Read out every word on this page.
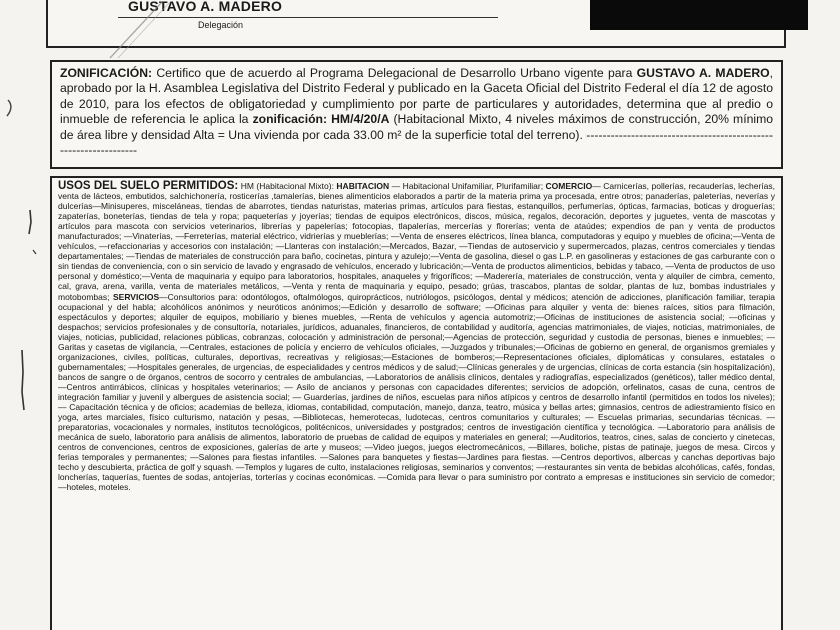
GUSTAVO A. MADERO
Delegación
ZONIFICACIÓN: Certifico que de acuerdo al Programa Delegacional de Desarrollo Urbano vigente para GUSTAVO A. MADERO, aprobado por la H. Asamblea Legislativa del Distrito Federal y publicado en la Gaceta Oficial del Distrito Federal el día 12 de agosto de 2010, para los efectos de obligatoriedad y cumplimiento por parte de particulares y autoridades, determina que al predio o inmueble de referencia le aplica la zonificación: HM/4/20/A (Habitacional Mixto, 4 niveles máximos de construcción, 20% mínimo de área libre y densidad Alta = Una vivienda por cada 33.00 m² de la superficie total del terreno). -----------------------------------------------------------------
USOS DEL SUELO PERMITIDOS: HM (Habitacional Mixto): HABITACION — Habitacional Unifamiliar, Plurifamiliar; COMERCIO— Carnicerías, pollerías, recauderías, lecherías, venta de lácteos, embutidos, salchichonería, rosticerías ,tamalerías, bienes alimenticios elaborados a partir de la materia prima ya procesada, entre otros; panaderías, paleterías, neverías y dulcerías—Minisuperes, misceláneas, tiendas de abarrotes, tiendas naturistas, materias primas, artículos para fiestas, estanquillos, perfumerías, ópticas, farmacias, boticas y droguerías; zapaterías, boneterías, tiendas de tela y ropa; paqueterías y joyerías; tiendas de equipos electrónicos, discos, música, regalos, decoración, deportes y juguetes, venta de mascotas y artículos para mascota con servicios veterinarios, librerías y papelerías; fotocopias, tlapalerías, mercerías y florerías; venta de ataúdes; expendios de pan y venta de productos manufacturados; —Vinaterías, —Ferreterías, material eléctrico, vidrierías y mueblerías; —Venta de enseres eléctricos, línea blanca, computadoras y equipo y muebles de oficina;—Venta de vehículos, —refaccionarias y accesorios con instalación; —Llanteras con instalación;—Mercados, Bazar, —Tiendas de autoservicio y supermercados, plazas, centros comerciales y tiendas departamentales; —Tiendas de materiales de construcción para baño, cocinetas, pintura y azulejo;—Venta de gasolina, diesel o gas L.P. en gasolineras y estaciones de gas carburante con o sin tiendas de conveniencia, con o sin servicio de lavado y engrasado de vehículos, encerado y lubricación;—Venta de productos alimenticios, bebidas y tabaco, —Venta de productos de uso personal y doméstico;—Venta de maquinaria y equipo para laboratorios, hospitales, anaqueles y frigoríficos; —Maderería, materiales de construcción, venta y alquiler de cimbra, cemento, cal, grava, arena, varilla, venta de materiales metálicos, —Venta y renta de maquinaria y equipo, pesado; grúas, trascabos, plantas de soldar, plantas de luz, bombas industriales y motobombas; SERVICIOS—Consultorios para: odontólogos, oftalmólogos, quiroprácticos, nutriólogos, psicólogos, dental y médicos; atención de adicciones, planificación familiar, terapia ocupacional y del habla; alcohólicos anónimos y neuróticos anónimos;—Edición y desarrollo de software; —Oficinas para alquiler y venta de: bienes raíces, sitios para filmación, espectáculos y deportes; alquiler de equipos, mobiliario y bienes muebles, —Renta de vehículos y agencia automotriz;—Oficinas de instituciones de asistencia social; —oficinas y despachos; servicios profesionales y de consultoría, notariales, jurídicos, aduanales, financieros, de contabilidad y auditoría, agencias matrimoniales, de viajes, noticias, matrimoniales, de viajes, noticias, publicidad, relaciones públicas, cobranzas, colocación y administración de personal;—Agencias de protección, seguridad y custodia de personas, bienes e inmuebles; —Garitas y casetas de vigilancia, —Centrales, estaciones de policía y encierro de vehículos oficiales, —Juzgados y tribunales;—Oficinas de gobierno en general, de organismos gremiales y organizaciones, civiles, políticas, culturales, deportivas, recreativas y religiosas;—Estaciones de bomberos;—Representaciones oficiales, diplomáticas y consulares, estatales o gubernamentales; —Hospitales generales, de urgencias, de especialidades y centros médicos y de salud;—Clínicas generales y de urgencias, clínicas de corta estancia (sin hospitalización), bancos de sangre o de órganos, centros de socorro y centrales de ambulancias, —Laboratorios de análisis clínicos, dentales y radiografías, especializados (genéticos), taller médico dental, —Centros antirrábicos, clínicas y hospitales veterinarios; — Asilo de ancianos y personas con capacidades diferentes; servicios de adopción, orfelinatos, casas de cuna, centros de integración familiar y juvenil y albergues de asistencia social; — Guarderías, jardines de niños, escuelas para niños atípicos y centros de desarrollo infantil (permitidos en todos los niveles); — Capacitación técnica y de oficios; academias de belleza, idiomas, contabilidad, computación, manejo, danza, teatro, música y bellas artes; gimnasios, centros de adiestramiento físico en yoga, artes marciales, físico culturismo, natación y pesas, —Bibliotecas, hemerotecas, ludotecas, centros comunitarios y culturales; — Escuelas primarias, secundarias técnicas. —preparatorias, vocacionales y normales, institutos tecnológicos, politécnicos, universidades y postgrados; centros de investigación científica y tecnológica. —Laboratorio para análisis de mecánica de suelo, laboratorio para análisis de alimentos, laboratorio de pruebas de calidad de equipos y materiales en general; —Auditorios, teatros, cines, salas de concierto y cinetecas, centros de convenciones, centros de exposiciones, galerías de arte y museos; —Video juegos, juegos electromecánicos, —Billares, boliche, pistas de patinaje, juegos de mesa. Circos y ferias temporales y permanentes; —Salones para fiestas infantiles. —Salones para banquetes y fiestas—Jardines para fiestas. —Centros deportivos, albercas y canchas deportivas bajo techo y descubierta, práctica de golf y squash. —Templos y lugares de culto, instalaciones religiosas, seminarios y conventos; —restaurantes sin venta de bebidas alcohólicas, cafés, fondas, loncherías, taquerías, fuentes de sodas, antojerías, torterías y cocinas económicas. —Comida para llevar o para suministro por contrato a empresas e instituciones sin servicio de comedor; —hoteles, moteles.
